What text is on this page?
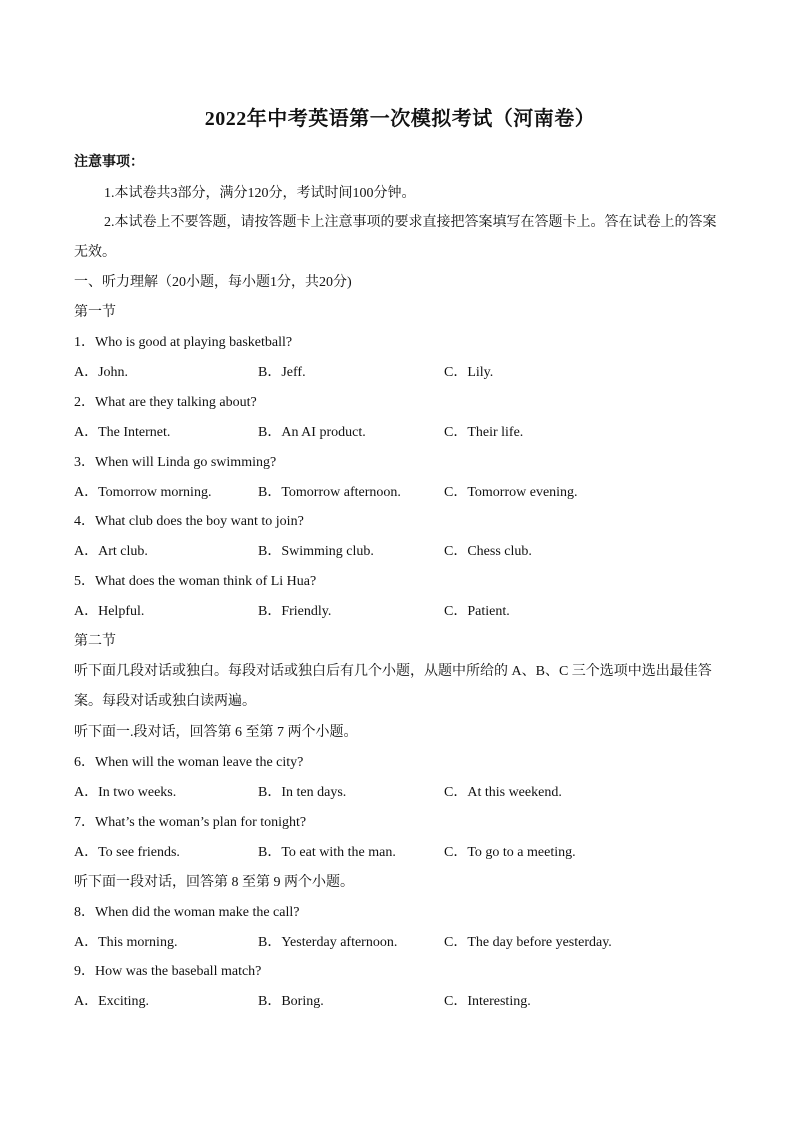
2022年中考英语第一次模拟考试（河南卷）
注意事项：
1.本试卷共3部分，满分120分，考试时间100分钟。
2.本试卷上不要答题，请按答题卡上注意事项的要求直接把答案填写在答题卡上。答在试卷上的答案
无效。
一、听力理解（20小题，每小题1分，共20分)
第一节
1．Who is good at playing basketball?
A．John.	B．Jeff.	C．Lily.
2．What are they talking about?
A．The Internet.	B．An AI product.	C．Their life.
3．When will Linda go swimming?
A．Tomorrow morning.	B．Tomorrow afternoon.	C．Tomorrow evening.
4．What club does the boy want to join?
A．Art club.	B．Swimming club.	C．Chess club.
5．What does the woman think of Li Hua?
A．Helpful.	B．Friendly.	C．Patient.
第二节
听下面几段对话或独白。每段对话或独白后有几个小题，从题中所给的 A、B、C 三个选项中选出最佳答
案。每段对话或独白读两遍。
听下面一.段对话，回答第 6 至第 7 两个小题。
6．When will the woman leave the city?
A．In two weeks.	B．In ten days.	C．At this weekend.
7．What’s the woman’s plan for tonight?
A．To see friends.	B．To eat with the man.	C．To go to a meeting.
听下面一段对话，回答第 8 至第 9 两个小题。
8．When did the woman make the call?
A．This morning.	B．Yesterday afternoon.	C．The day before yesterday.
9．How was the baseball match?
A．Exciting.	B．Boring.	C．Interesting.
